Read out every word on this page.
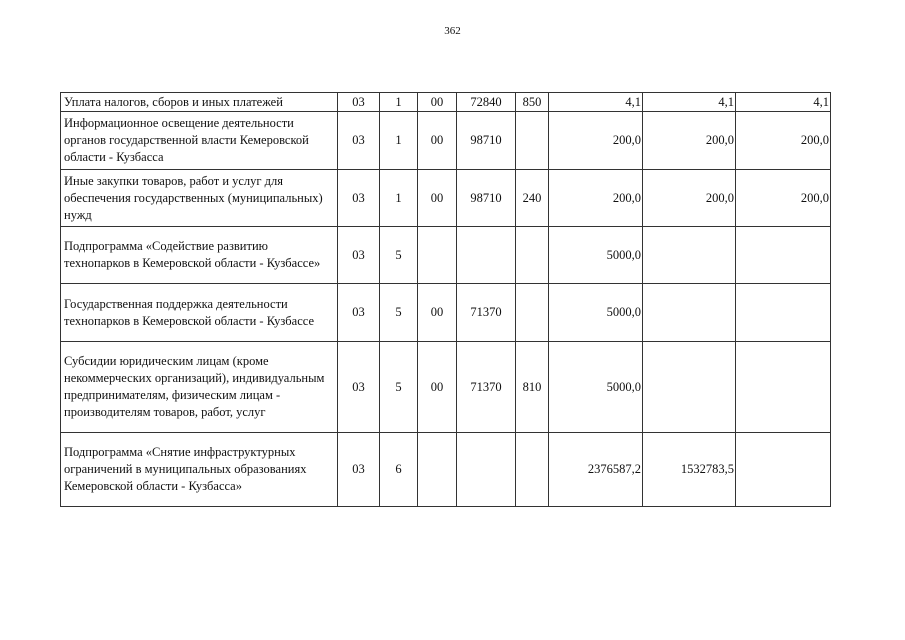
362
Уплата налогов, сборов и иных платежей	03	1	00	72840	850	4,1	4,1	4,1
Информационное освещение деятельности органов государственной власти Кемеровской области - Кузбасса	03	1	00	98710		200,0	200,0	200,0
Иные закупки товаров, работ и услуг для обеспечения государственных (муниципальных) нужд	03	1	00	98710	240	200,0	200,0	200,0
Подпрограмма «Содействие развитию технопарков в Кемеровской области - Кузбассе»	03	5				5000,0		
Государственная поддержка деятельности технопарков в Кемеровской области - Кузбассе	03	5	00	71370		5000,0		
Субсидии юридическим лицам (кроме некоммерческих организаций), индивидуальным предпринимателям, физическим лицам - производителям товаров, работ, услуг	03	5	00	71370	810	5000,0		
Подпрограмма «Снятие инфраструктурных ограничений в муниципальных образованиях Кемеровской области - Кузбасса»	03	6				2376587,2	1532783,5	
